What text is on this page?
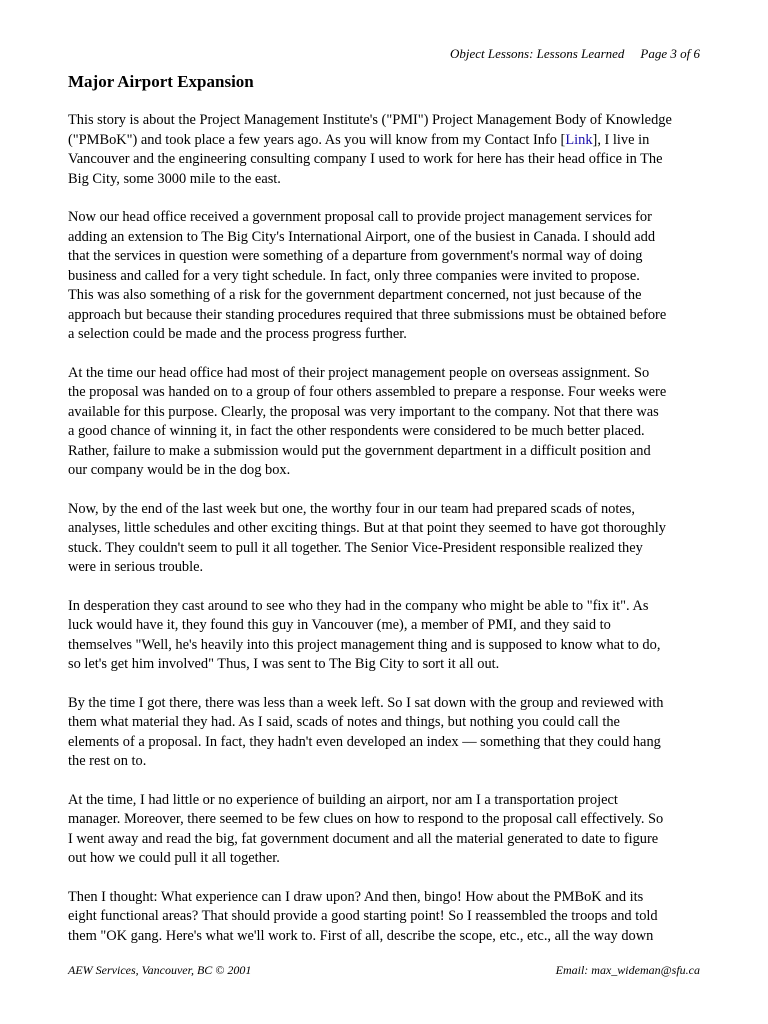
Object Lessons: Lessons Learned Page 3 of 6
Major Airport Expansion

This story is about the Project Management Institute's ("PMI") Project Management Body of Knowledge
("PMBoK") and took place a few years ago. As you will know from my Contact Info [Link], I live in
Vancouver and the engineering consulting company I used to work for here has their head office in The
Big City, some 3000 mile to the east.

Now our head office received a government proposal call to provide project management services for
adding an extension to The Big City's International Airport, one of the busiest in Canada. I should add
that the services in question were something of a departure from government's normal way of doing
business and called for a very tight schedule. In fact, only three companies were invited to propose.
This was also something of a risk for the government department concerned, not just because of the
approach but because their standing procedures required that three submissions must be obtained before
a selection could be made and the process progress further.

At the time our head office had most of their project management people on overseas assignment. So
the proposal was handed on to a group of four others assembled to prepare a response. Four weeks were
available for this purpose. Clearly, the proposal was very important to the company. Not that there was
a good chance of winning it, in fact the other respondents were considered to be much better placed.
Rather, failure to make a submission would put the government department in a difficult position and
our company would be in the dog box.

Now, by the end of the last week but one, the worthy four in our team had prepared scads of notes,
analyses, little schedules and other exciting things. But at that point they seemed to have got thoroughly
stuck. They couldn't seem to pull it all together. The Senior Vice-President responsible realized they
were in serious trouble.

In desperation they cast around to see who they had in the company who might be able to "fix it". As
luck would have it, they found this guy in Vancouver (me), a member of PMI, and they said to
themselves "Well, he's heavily into this project management thing and is supposed to know what to do,
so let's get him involved" Thus, I was sent to The Big City to sort it all out.

By the time I got there, there was less than a week left. So I sat down with the group and reviewed with
them what material they had. As I said, scads of notes and things, but nothing you could call the
elements of a proposal. In fact, they hadn't even developed an index — something that they could hang
the rest on to.

At the time, I had little or no experience of building an airport, nor am I a transportation project
manager. Moreover, there seemed to be few clues on how to respond to the proposal call effectively. So
I went away and read the big, fat government document and all the material generated to date to figure
out how we could pull it all together.

Then I thought: What experience can I draw upon? And then, bingo! How about the PMBoK and its
eight functional areas? That should provide a good starting point! So I reassembled the troops and told
them "OK gang. Here's what we'll work to. First of all, describe the scope, etc., etc., all the way down

AEW Services, Vancouver, BC © 2001	Email: max_wideman@sfu.ca
